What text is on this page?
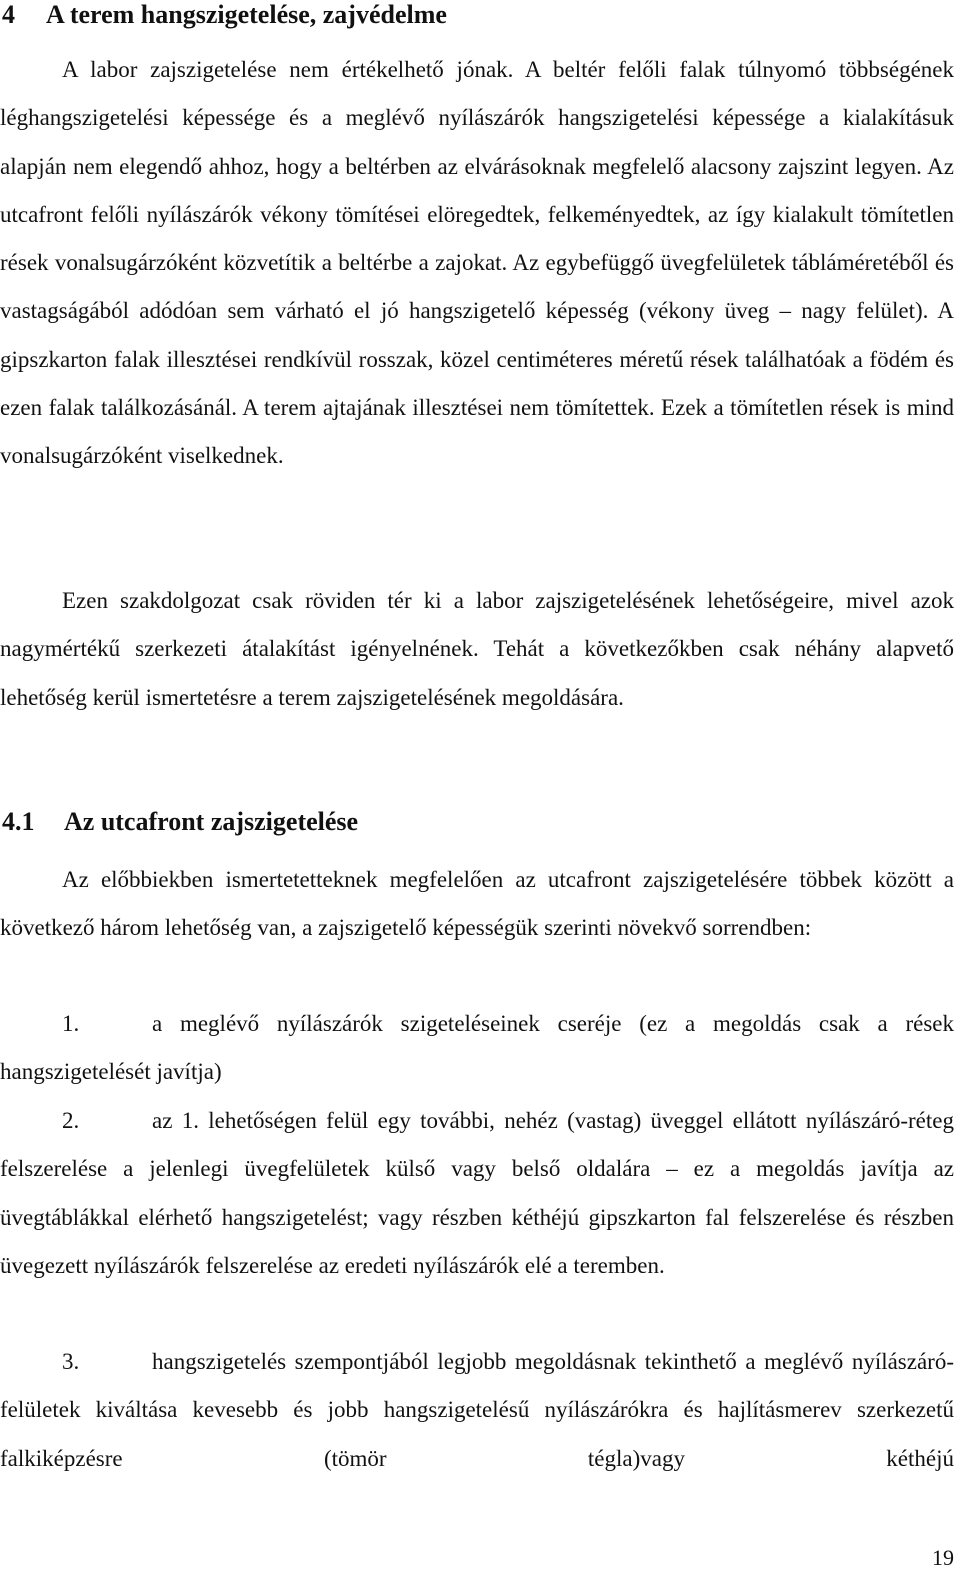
4 A terem hangszigetelése, zajvédelme

A labor zajszigetelése nem értékelhető jónak. A beltér felőli falak túlnyomó többségének léghangszigetelési képessége és a meglévő nyílászárók hangszigetelési képessége a kialakításuk alapján nem elegendő ahhoz, hogy a beltérben az elvárásoknak megfelelő alacsony zajszint legyen. Az utcafront felőli nyílászárók vékony tömítései elöregedtek, felkeményedtek, az így kialakult tömítetlen rések vonalsugárzóként közvetítik a beltérbe a zajokat. Az egybefüggő üvegfelületek tábláméretéből és vastagságából adódóan sem várható el jó hangszigetelő képesség (vékony üveg – nagy felület). A gipszkarton falak illesztései rendkívül rosszak, közel centiméteres méretű rések találhatóak a födém és ezen falak találkozásánál. A terem ajtajának illesztései nem tömítettek. Ezek a tömítetlen rések is mind vonalsugárzóként viselkednek.

Ezen szakdolgozat csak röviden tér ki a labor zajszigetelésének lehetőségeire, mivel azok nagymértékű szerkezeti átalakítást igényelnének. Tehát a következőkben csak néhány alapvető lehetőség kerül ismertetésre a terem zajszigetelésének megoldására.

4.1 Az utcafront zajszigetelése

Az előbbiekben ismertetetteknek megfelelően az utcafront zajszigetelésére többek között a következő három lehetőség van, a zajszigetelő képességük szerinti növekvő sorrendben:

1.	a meglévő nyílászárók szigeteléseinek cseréje (ez a megoldás csak a rések hangszigetelését javítja)

2.	az 1. lehetőségen felül egy további, nehéz (vastag) üveggel ellátott nyílászáró-réteg felszerelése a jelenlegi üvegfelületek külső vagy belső oldalára – ez a megoldás javítja az üvegtáblákkal elérhető hangszigetelést; vagy részben kéthéjú gipszkarton fal felszerelése és részben üvegezett nyílászárók felszerelése az eredeti nyílászárók elé a teremben.

3.	hangszigetelés szempontjából legjobb megoldásnak tekinthető a meglévő nyílászáró-felületek kiváltása kevesebb és jobb hangszigetelésű nyílászárókra és hajlításmerev szerkezetű falkiképzésre (tömör tégla)vagy kéthéjú

19
